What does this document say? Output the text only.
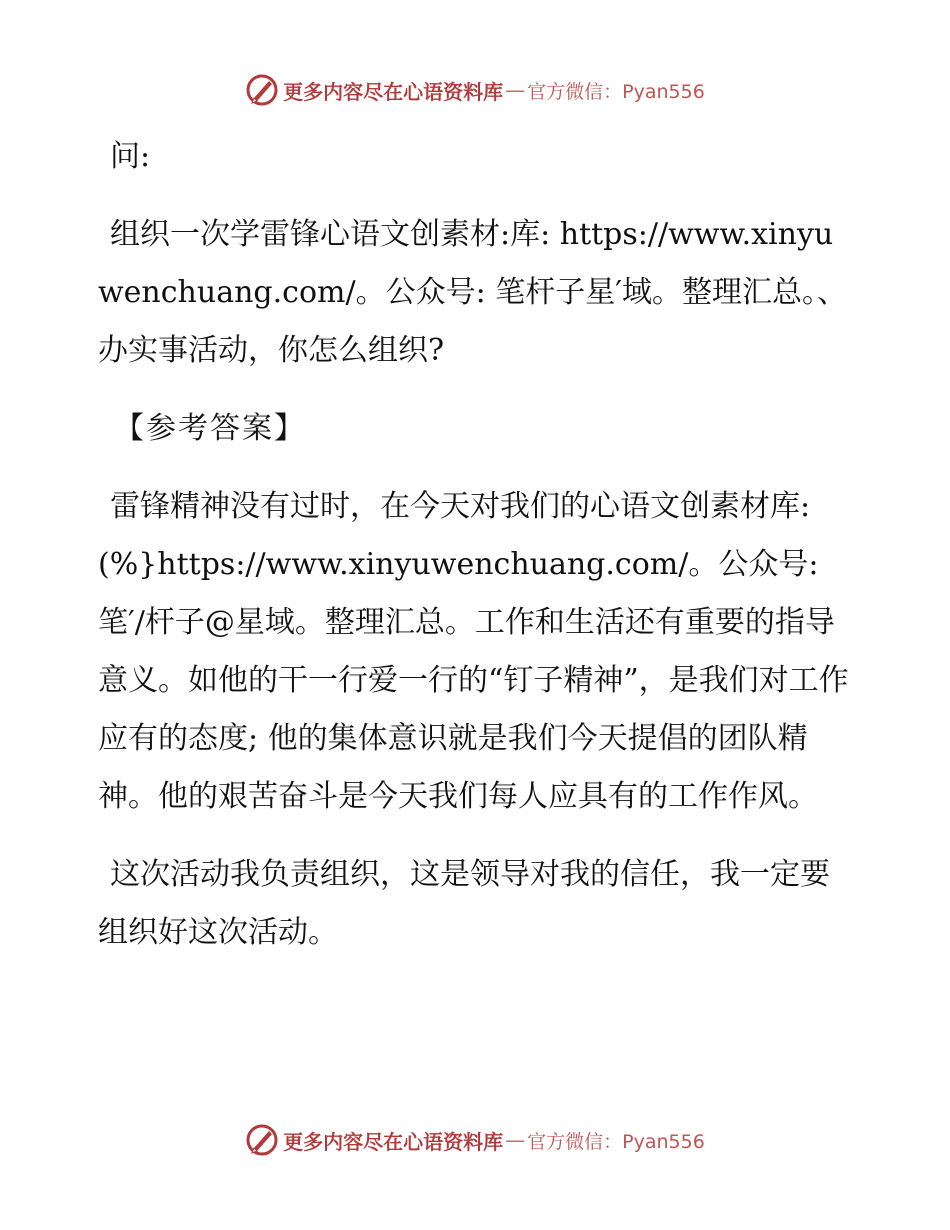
更多内容尽在心语资料库 — 官方微信：Pyan556

问:

组织一次学雷锋心语文创素材:库: https://www.xinyuwenchuang.com/。公众号: 笔杆子星′域。整理汇总。、办实事活动，你怎么组织?

【参考答案】

雷锋精神没有过时，在今天对我们的心语文创素材库: (%}https://www.xinyuwenchuang.com/。公众号: 笔′/杆子@星域。整理汇总。工作和生活还有重要的指导意义。如他的干一行爱一行的“钉子精神”，是我们对工作应有的态度; 他的集体意识就是我们今天提倡的团队精神。他的艰苦奋斗是今天我们每人应具有的工作作风。

这次活动我负责组织，这是领导对我的信任，我一定要组织好这次活动。

更多内容尽在心语资料库 — 官方微信：Pyan556
